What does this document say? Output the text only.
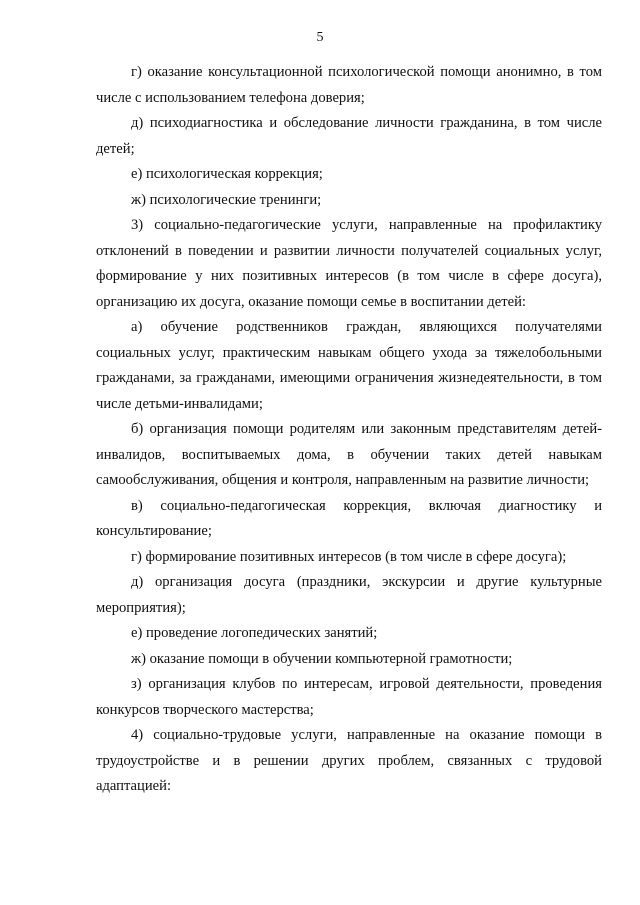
5

г) оказание консультационной психологической помощи анонимно, в том числе с использованием телефона доверия;

д) психодиагностика и обследование личности гражданина, в том числе детей;

е) психологическая коррекция;

ж) психологические тренинги;

3) социально-педагогические услуги, направленные на профилактику отклонений в поведении и развитии личности получателей социальных услуг, формирование у них позитивных интересов (в том числе в сфере досуга), организацию их досуга, оказание помощи семье в воспитании детей:

а) обучение родственников граждан, являющихся получателями социальных услуг, практическим навыкам общего ухода за тяжелобольными гражданами, за гражданами, имеющими ограничения жизнедеятельности, в том числе детьми-инвалидами;

б) организация помощи родителям или законным представителям детей-инвалидов, воспитываемых дома, в обучении таких детей навыкам самообслуживания, общения и контроля, направленным на развитие личности;

в) социально-педагогическая коррекция, включая диагностику и консультирование;

г) формирование позитивных интересов (в том числе в сфере досуга);

д) организация досуга (праздники, экскурсии и другие культурные мероприятия);

е) проведение логопедических занятий;

ж) оказание помощи в обучении компьютерной грамотности;

з) организация клубов по интересам, игровой деятельности, проведения конкурсов творческого мастерства;

4) социально-трудовые услуги, направленные на оказание помощи в трудоустройстве и в решении других проблем, связанных с трудовой адаптацией:
